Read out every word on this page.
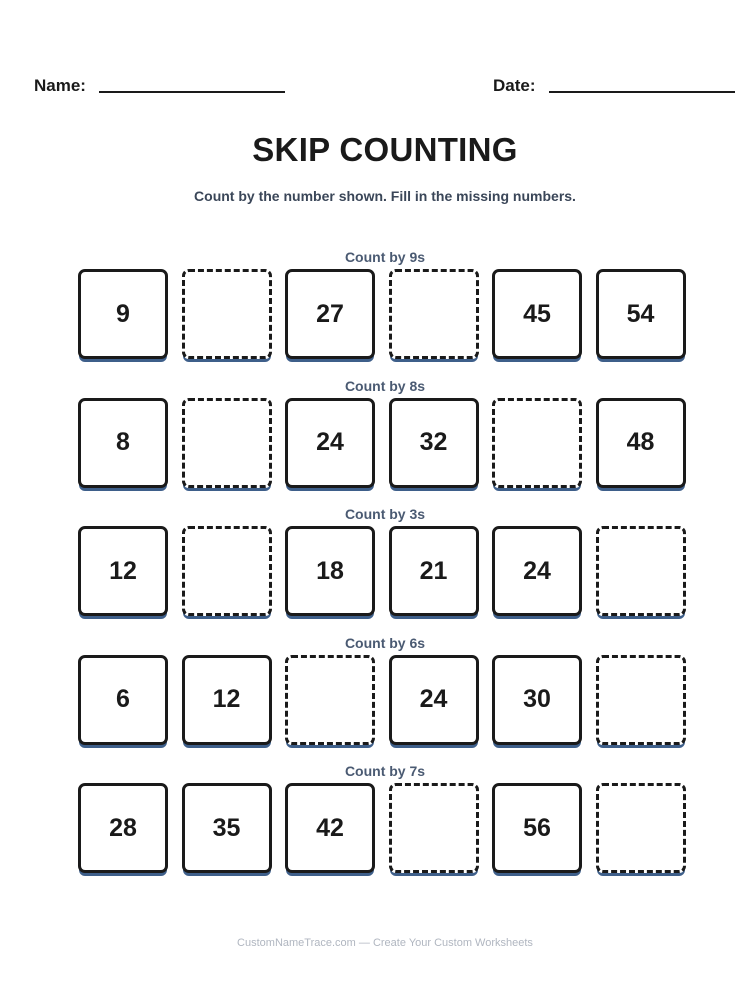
Name:	Date:
SKIP COUNTING
Count by the number shown. Fill in the missing numbers.
Count by 9s
9	27	45	54
Count by 8s
8	24	32	48
Count by 3s
12	18	21	24
Count by 6s
6	12	24	30
Count by 7s
28	35	42	56
CustomNameTrace.com — Create Your Custom Worksheets
